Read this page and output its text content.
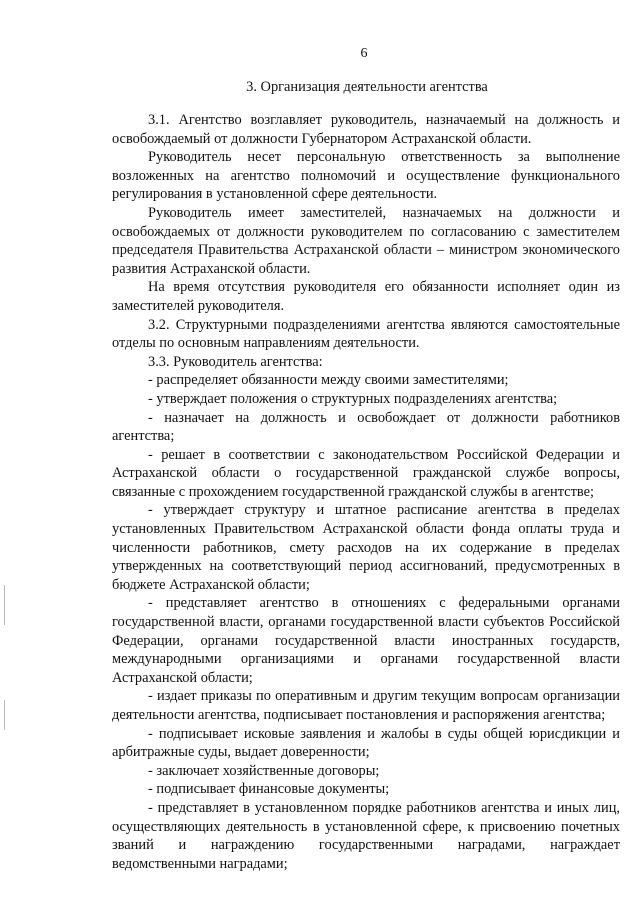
6
3. Организация деятельности агентства

3.1. Агентство возглавляет руководитель, назначаемый на должность и освобождаемый от должности Губернатором Астраханской области.

Руководитель несет персональную ответственность за выполнение возложенных на агентство полномочий и осуществление функционального регулирования в установленной сфере деятельности.

Руководитель имеет заместителей, назначаемых на должности и освобождаемых от должности руководителем по согласованию с заместителем председателя Правительства Астраханской области – министром экономического развития Астраханской области.

На время отсутствия руководителя его обязанности исполняет один из заместителей руководителя.

3.2. Структурными подразделениями агентства являются самостоятельные отделы по основным направлениям деятельности.

3.3. Руководитель агентства:

- распределяет обязанности между своими заместителями;

- утверждает положения о структурных подразделениях агентства;

- назначает на должность и освобождает от должности работников агентства;

- решает в соответствии с законодательством Российской Федерации и Астраханской области о государственной гражданской службе вопросы, связанные с прохождением государственной гражданской службы в агентстве;

- утверждает структуру и штатное расписание агентства в пределах установленных Правительством Астраханской области фонда оплаты труда и численности работников, смету расходов на их содержание в пределах утвержденных на соответствующий период ассигнований, предусмотренных в бюджете Астраханской области;

- представляет агентство в отношениях с федеральными органами государственной власти, органами государственной власти субъектов Российской Федерации, органами государственной власти иностранных государств, международными организациями и органами государственной власти Астраханской области;

- издает приказы по оперативным и другим текущим вопросам организации деятельности агентства, подписывает постановления и распоряжения агентства;

- подписывает исковые заявления и жалобы в суды общей юрисдикции и арбитражные суды, выдает доверенности;

- заключает хозяйственные договоры;

- подписывает финансовые документы;

- представляет в установленном порядке работников агентства и иных лиц, осуществляющих деятельность в установленной сфере, к присвоению почетных званий и награждению государственными наградами, награждает ведомственными наградами;
